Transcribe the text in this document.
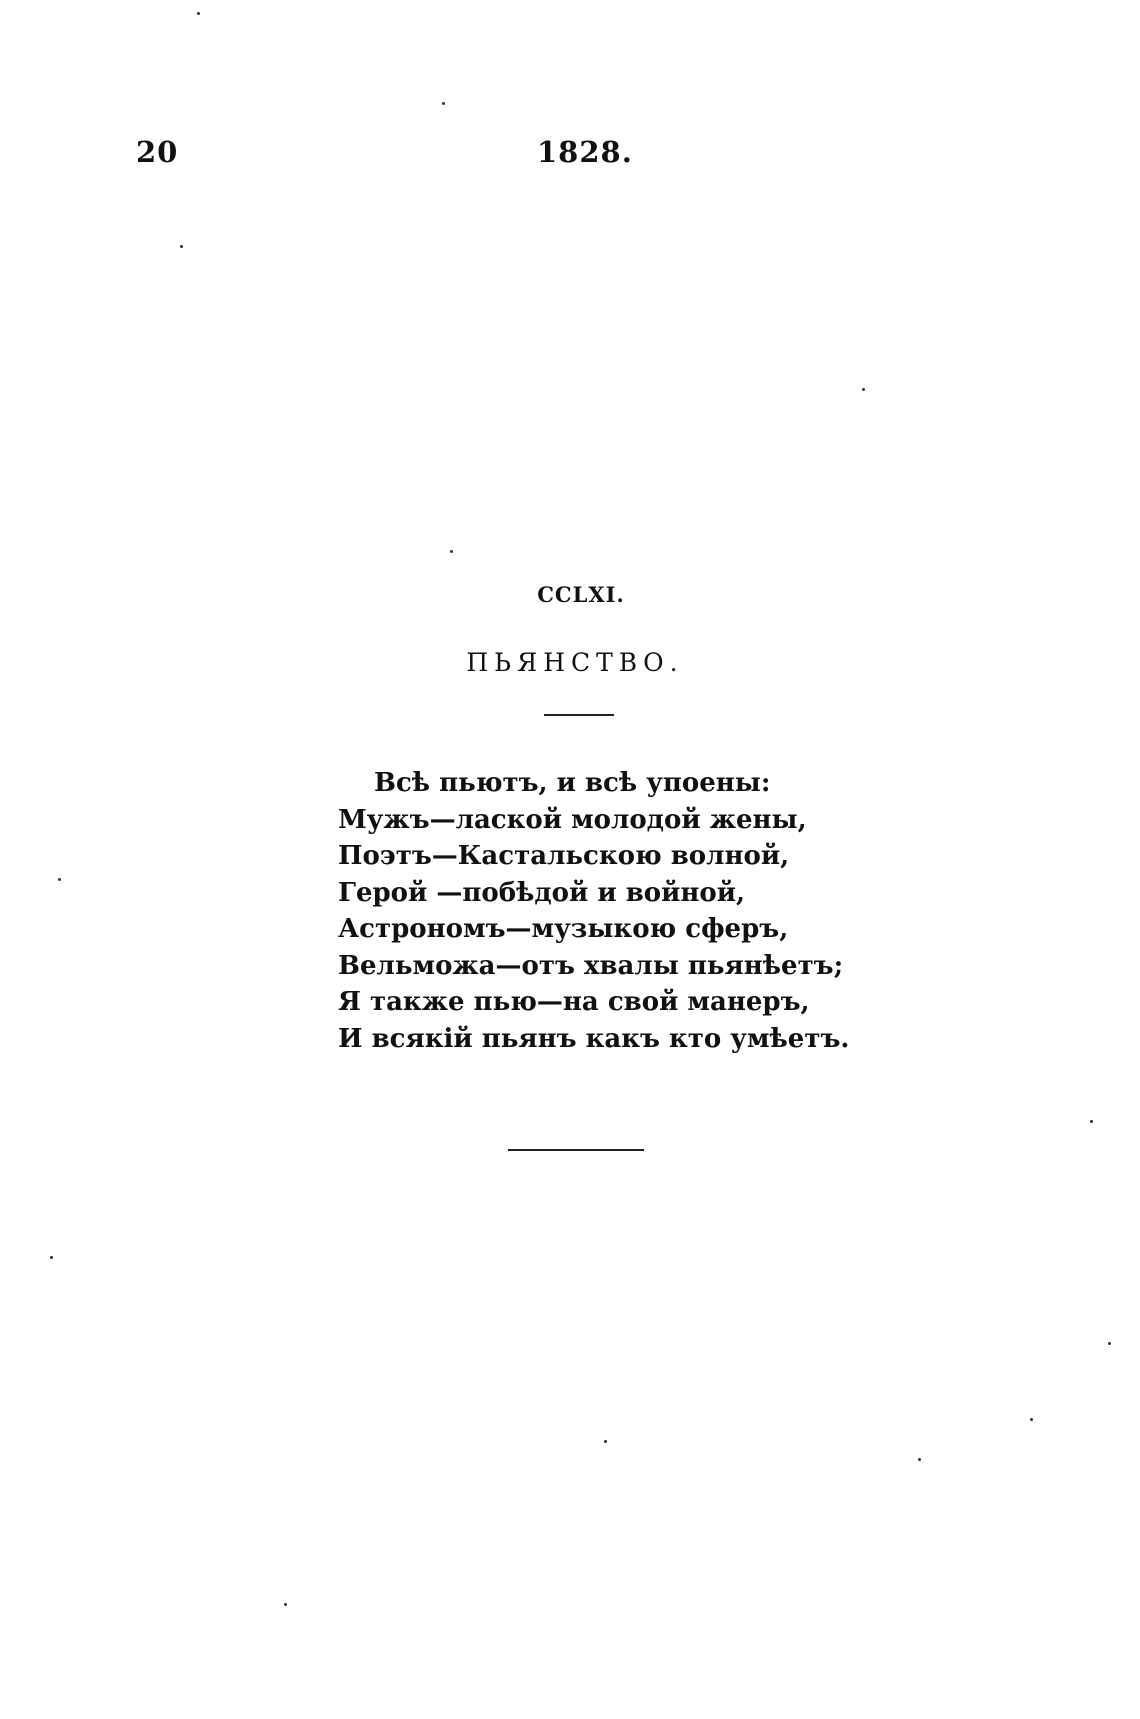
20	1828.
CCLXI.
ПЬЯНСТВО.
Всѣ пьютъ, и всѣ упоены:
Мужъ—лаской молодой жены,
Поэтъ—Кастальскою волной,
Герой —побѣдой и войной,
Астрономъ—музыкою сферъ,
Вельможа—отъ хвалы пьянѣетъ;
Я также пью—на свой манеръ,
И всякій пьянъ какъ кто умѣетъ.
